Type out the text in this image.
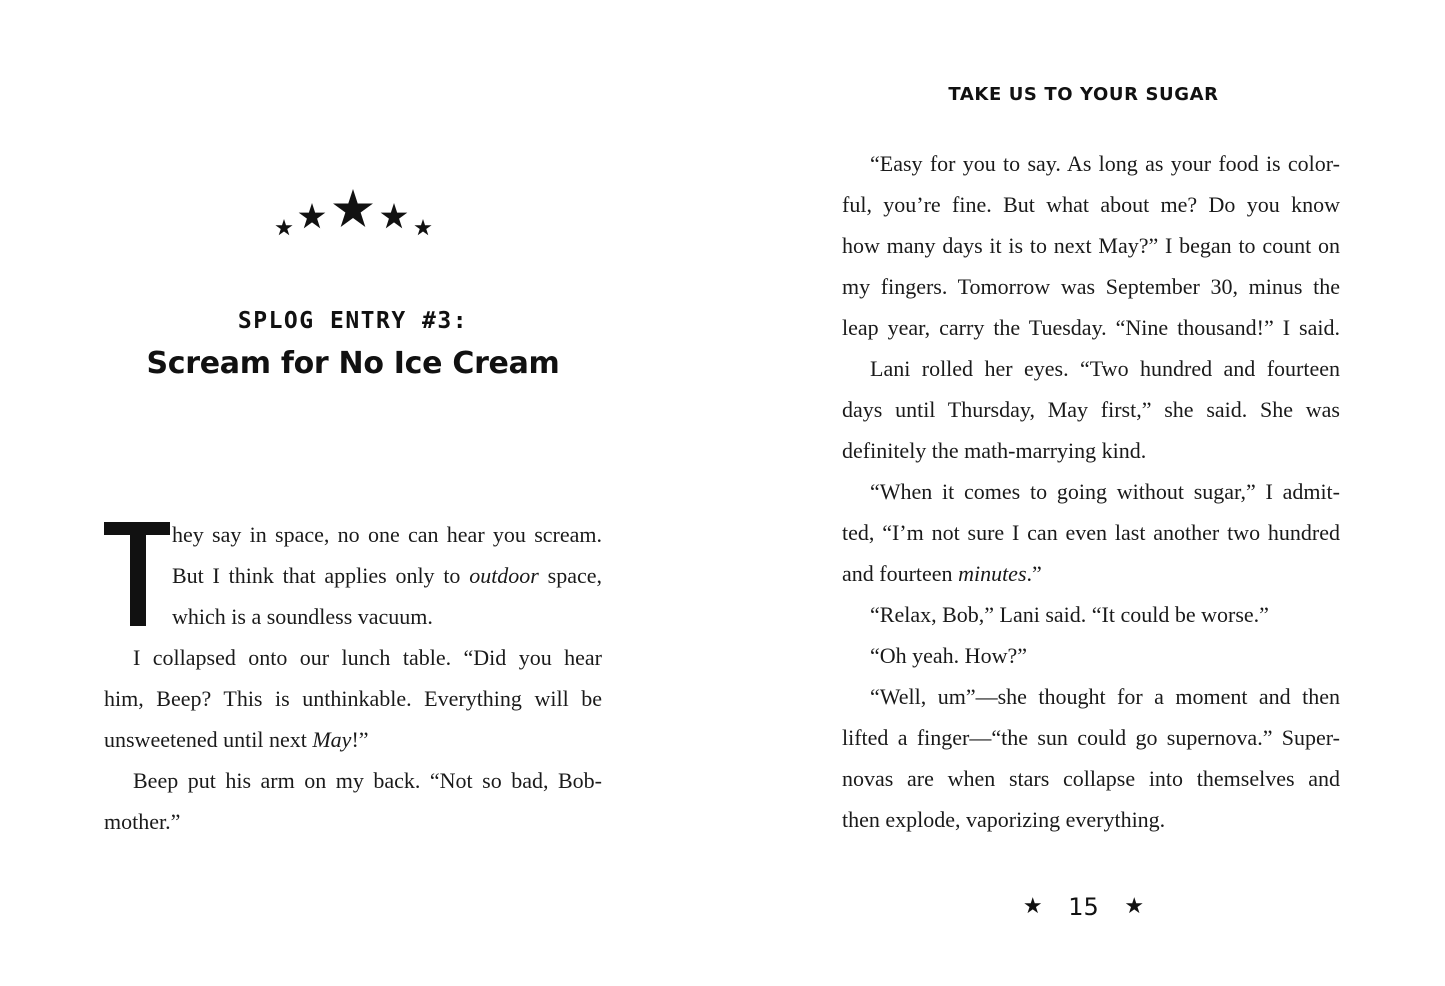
SPLOG ENTRY #3:
Scream for No Ice Cream
hey say in space, no one can hear you scream.
But I think that applies only to outdoor space,
which is a soundless vacuum.
I collapsed onto our lunch table. “Did you hear
him, Beep? This is unthinkable. Everything will be
unsweetened until next May!”
Beep put his arm on my back. “Not so bad, Bob-
mother.”
TAKE US TO YOUR SUGAR
“Easy for you to say. As long as your food is color-
ful, you’re fine. But what about me? Do you know
how many days it is to next May?” I began to count on
my fingers. Tomorrow was September 30, minus the
leap year, carry the Tuesday. “Nine thousand!” I said.
Lani rolled her eyes. “Two hundred and fourteen
days until Thursday, May first,” she said. She was
definitely the math-marrying kind.
“When it comes to going without sugar,” I admit-
ted, “I’m not sure I can even last another two hundred
and fourteen minutes.”
“Relax, Bob,” Lani said. “It could be worse.”
“Oh yeah. How?”
“Well, um”—she thought for a moment and then
lifted a finger—“the sun could go supernova.” Super-
novas are when stars collapse into themselves and
then explode, vaporizing everything.
★ 15 ★
